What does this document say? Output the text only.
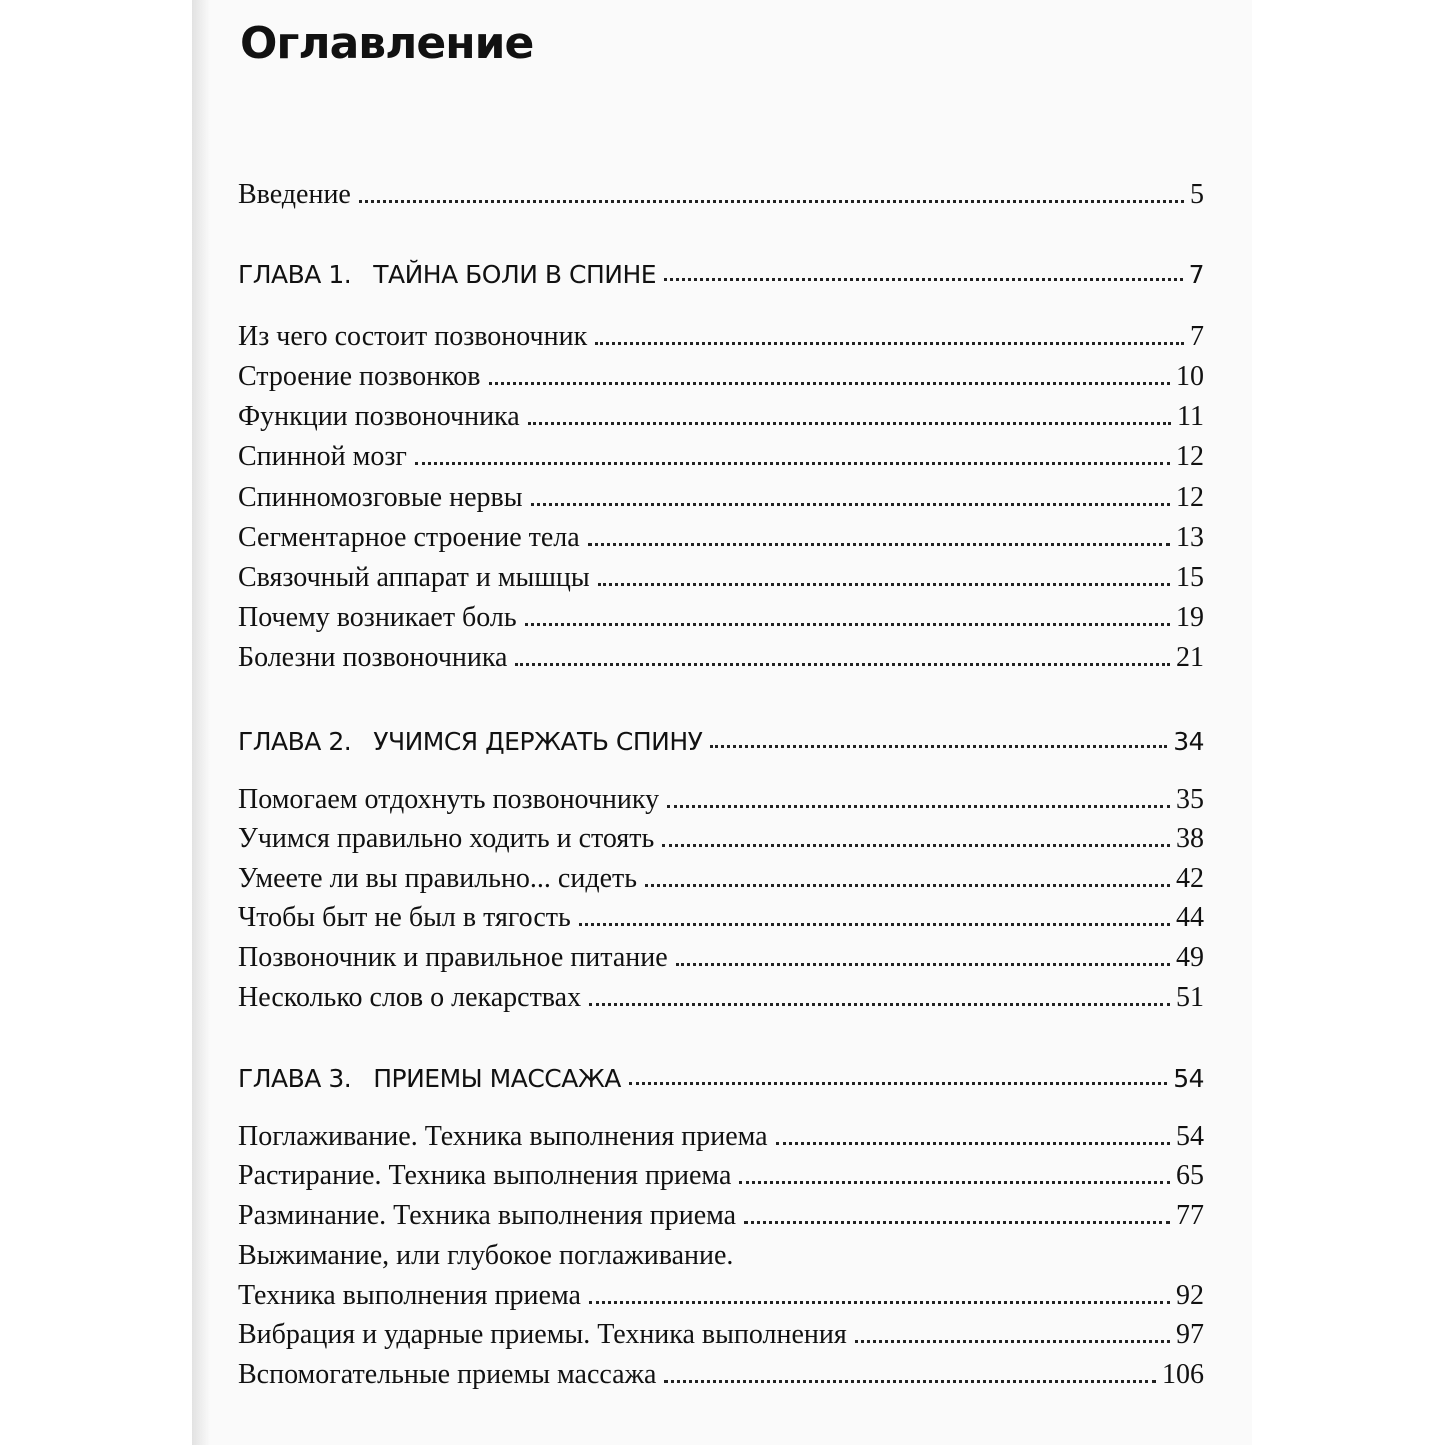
Оглавление
Введение	5
ГЛАВА 1. ТАЙНА БОЛИ В СПИНЕ	7
Из чего состоит позвоночник	7
Строение позвонков	10
Функции позвоночника	11
Спинной мозг	12
Спинномозговые нервы	12
Сегментарное строение тела	13
Связочный аппарат и мышцы	15
Почему возникает боль	19
Болезни позвоночника	21
ГЛАВА 2. УЧИМСЯ ДЕРЖАТЬ СПИНУ	34
Помогаем отдохнуть позвоночнику	35
Учимся правильно ходить и стоять	38
Умеете ли вы правильно... сидеть	42
Чтобы быт не был в тягость	44
Позвоночник и правильное питание	49
Несколько слов о лекарствах	51
ГЛАВА 3. ПРИЕМЫ МАССАЖА	54
Поглаживание. Техника выполнения приема	54
Растирание. Техника выполнения приема	65
Разминание. Техника выполнения приема	77
Выжимание, или глубокое поглаживание.
Техника выполнения приема	92
Вибрация и ударные приемы. Техника выполнения	97
Вспомогательные приемы массажа	106
